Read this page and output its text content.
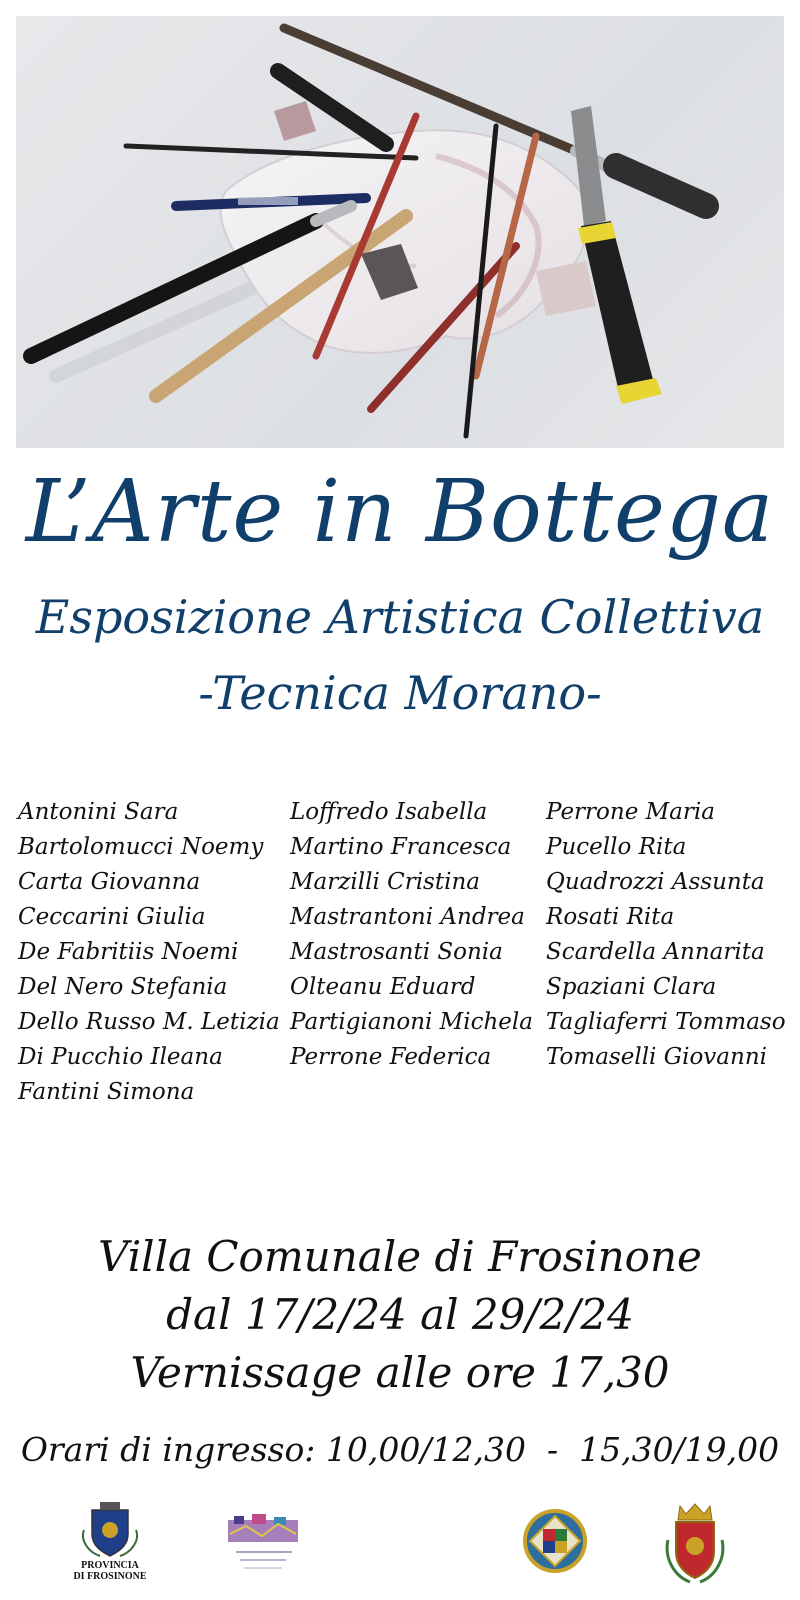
L’Arte in Bottega
Esposizione Artistica Collettiva
-Tecnica Morano-
Antonini Sara
Bartolomucci Noemy
Carta Giovanna
Ceccarini Giulia
De Fabritiis Noemi
Del Nero Stefania
Dello Russo M. Letizia
Di Pucchio Ileana
Fantini Simona
Loffredo Isabella
Martino Francesca
Marzilli Cristina
Mastrantoni Andrea
Mastrosanti Sonia
Olteanu Eduard
Partigianoni Michela
Perrone Federica
Perrone Maria
Pucello Rita
Quadrozzi Assunta
Rosati Rita
Scardella Annarita
Spaziani Clara
Tagliaferri Tommaso
Tomaselli Giovanni
Villa Comunale di Frosinone
dal 17/2/24 al 29/2/24
Vernissage alle ore 17,30
Orari di ingresso: 10,00/12,30  -  15,30/19,00
PROVINCIA
DI FROSINONE
